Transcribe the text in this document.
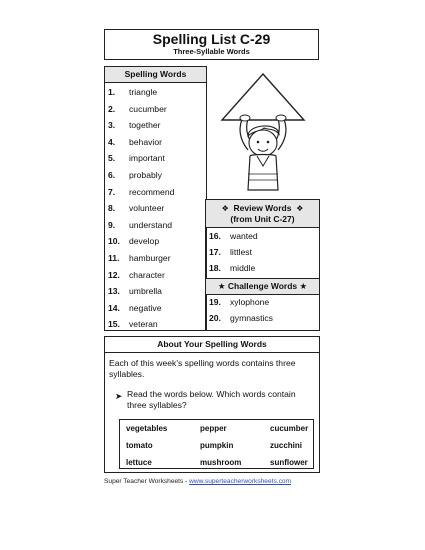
Spelling List C-29
Three-Syllable Words
Spelling Words
1. triangle
2. cucumber
3. together
4. behavior
5. important
6. probably
7. recommend
8. volunteer
9. understand
10. develop
11. hamburger
12. character
13. umbrella
14. negative
15. veteran
❖ Review Words ❖
(from Unit C-27)
16. wanted
17. littlest
18. middle
★ Challenge Words ★
19. xylophone
20. gymnastics
About Your Spelling Words
Each of this week's spelling words contains three syllables.
➤ Read the words below. Which words contain three syllables?
vegetables	pepper	cucumber
tomato	pumpkin	zucchini
lettuce	mushroom	sunflower
Super Teacher Worksheets - www.superteacherworksheets.com
